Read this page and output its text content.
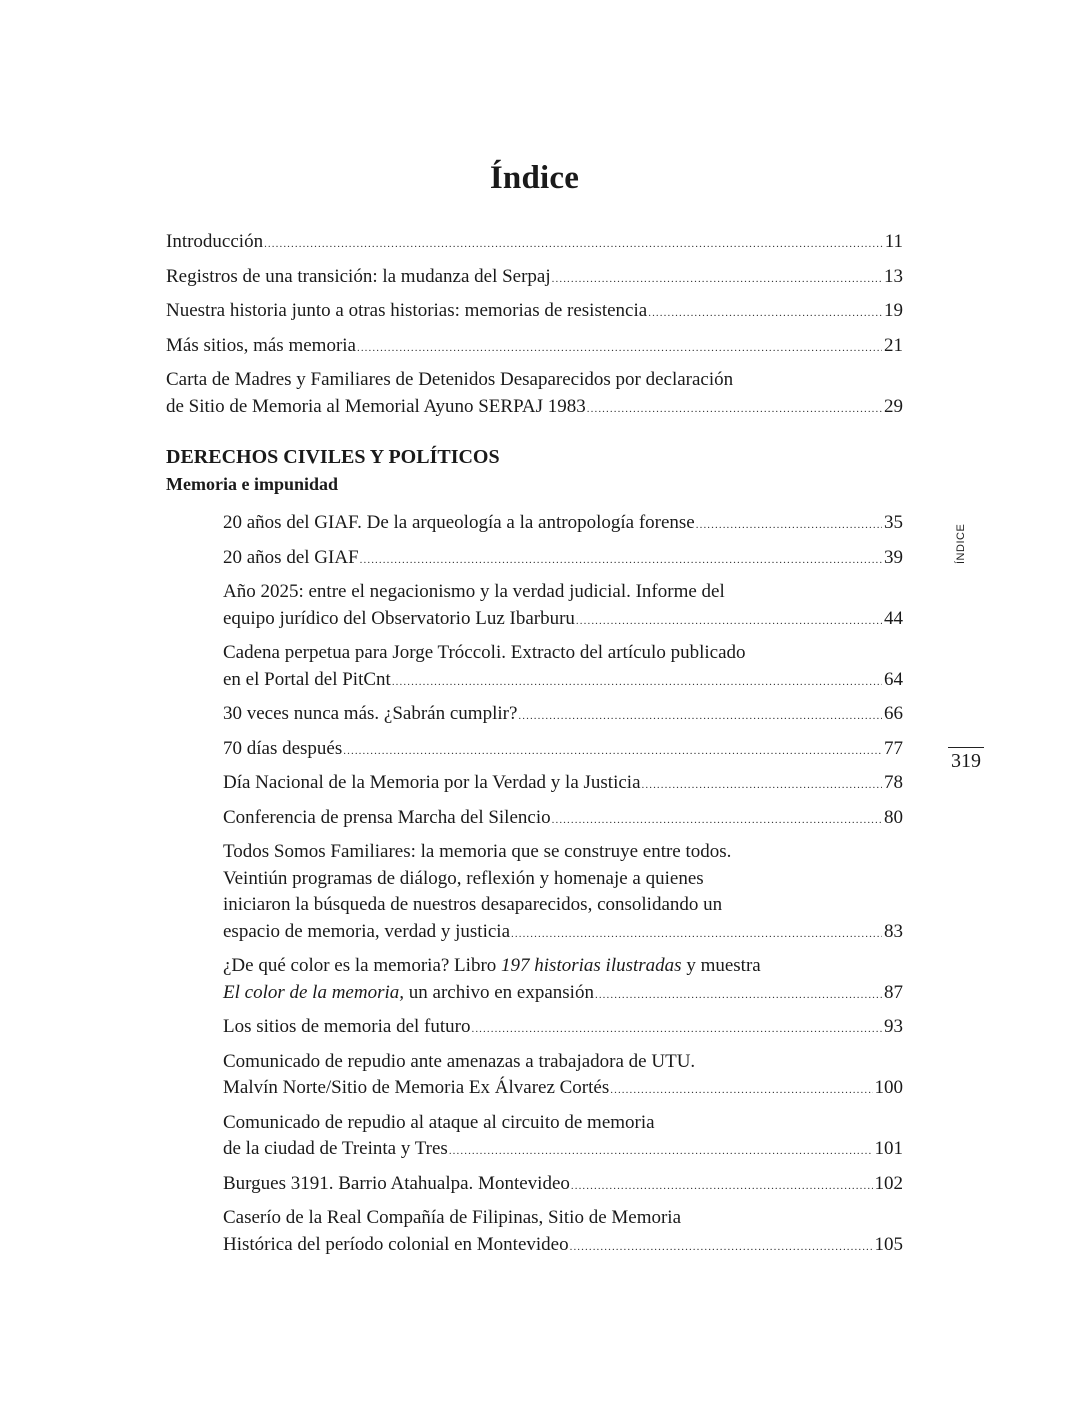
Índice
Introducción .....	11
Registros de una transición: la mudanza del Serpaj .....	13
Nuestra historia junto a otras historias: memorias de resistencia .....	19
Más sitios, más memoria .....	21
Carta de Madres y Familiares de Detenidos Desaparecidos por declaración
de Sitio de Memoria al Memorial Ayuno SERPAJ 1983 .....	29
DERECHOS CIVILES Y POLÍTICOS
Memoria e impunidad
20 años del GIAF. De la arqueología a la antropología forense .....	35
20 años del GIAF .....	39
Año 2025: entre el negacionismo y la verdad judicial. Informe del
equipo jurídico del Observatorio Luz Ibarburu .....	44
Cadena perpetua para Jorge Tróccoli. Extracto del artículo publicado
en el Portal del PitCnt .....	64
30 veces nunca más. ¿Sabrán cumplir? .....	66
70 días después .....	77
Día Nacional de la Memoria por la Verdad y la Justicia .....	78
Conferencia de prensa Marcha del Silencio .....	80
Todos Somos Familiares: la memoria que se construye entre todos.
Veintiún programas de diálogo, reflexión y homenaje a quienes
iniciaron la búsqueda de nuestros desaparecidos, consolidando un
espacio de memoria, verdad y justicia .....	83
¿De qué color es la memoria? Libro 197 historias ilustradas y muestra
El color de la memoria, un archivo en expansión .....	87
Los sitios de memoria del futuro .....	93
Comunicado de repudio ante amenazas a trabajadora de UTU.
Malvín Norte/Sitio de Memoria Ex Álvarez Cortés .....	100
Comunicado de repudio al ataque al circuito de memoria
de la ciudad de Treinta y Tres .....	101
Burgues 3191. Barrio Atahualpa. Montevideo .....	102
Caserío de la Real Compañía de Filipinas, Sitio de Memoria
Histórica del período colonial en Montevideo .....	105
ÍNDICE
319
